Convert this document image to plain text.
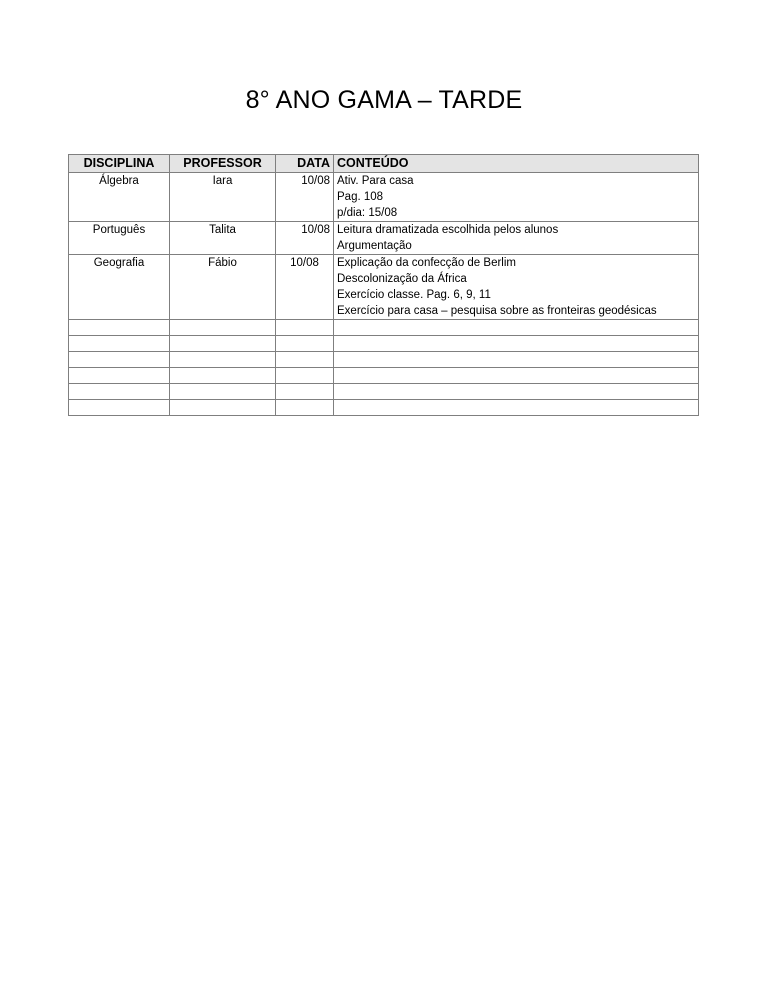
8° ANO GAMA – TARDE
DISCIPLINA	PROFESSOR	DATA	CONTEÚDO
Álgebra	Iara	10/08	Ativ. Para casa
Pag. 108
p/dia: 15/08

Português	Talita	10/08	Leitura dramatizada escolhida pelos alunos
Argumentação

Geografia	Fábio	10/08	Explicação da confecção de Berlim
Descolonização da África
Exercício classe. Pag. 6, 9, 11
Exercício para casa – pesquisa sobre as fronteiras geodésicas
